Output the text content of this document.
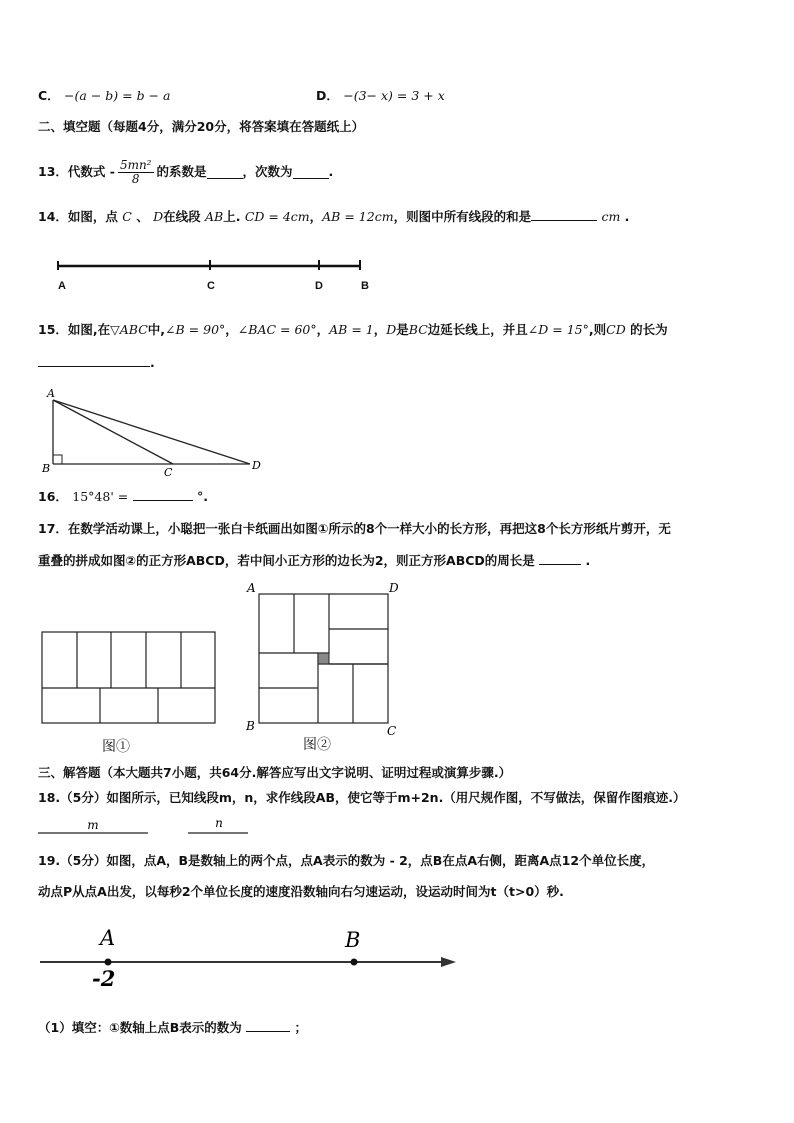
C． −(a − b) = b − a	D． −(3− x) = 3 + x
二、填空题（每题4分，满分20分，将答案填在答题纸上）
13．代数式 - $\frac{\text{5mn²}}{8}$ 的系数是	，次数为	.
14．如图，点 C 、 D在线段 AB上. CD = 4cm，AB = 12cm，则图中所有线段的和是	cm .
A	C	D	B
15．如图,在▽ABC中,∠B = 90°，∠BAC = 60°，AB = 1，D是BC边延长线上，并且∠D = 15°,则CD 的长为
.
A
B	C
D
16． 15°48' =	°.
17．在数学活动课上，小聪把一张白卡纸画出如图①所示的8个一样大小的长方形，再把这8个长方形纸片剪开，无
重叠的拼成如图②的正方形ABCD，若中间小正方形的边长为2，则正方形ABCD的周长是	.
图①
A	D
B	C
图②
三、解答题（本大题共7小题，共64分.解答应写出文字说明、证明过程或演算步骤.）
18.（5分）如图所示，已知线段m，n，求作线段AB，使它等于m+2n.（用尺规作图，不写做法，保留作图痕迹.）
m	n
19.（5分）如图，点A，B是数轴上的两个点，点A表示的数为 - 2，点B在点A右侧，距离A点12个单位长度，
动点P从点A出发，以每秒2个单位长度的速度沿数轴向右匀速运动，设运动时间为t（t>0）秒.
A	B
-2
（1）填空：①数轴上点B表示的数为	；
